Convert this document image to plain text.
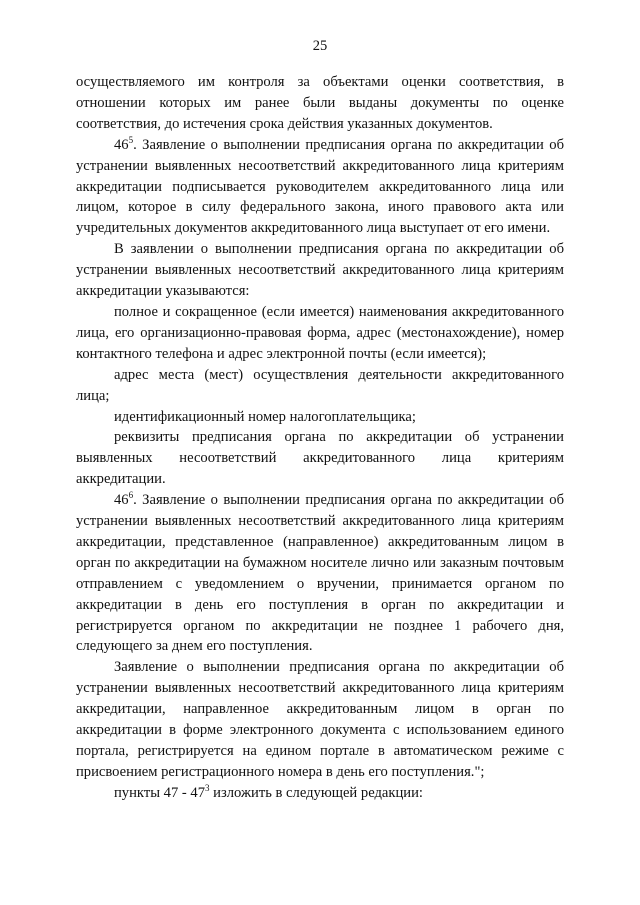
25

осуществляемого им контроля за объектами оценки соответствия, в отношении которых им ранее были выданы документы по оценке соответствия, до истечения срока действия указанных документов.

$46^5$. Заявление о выполнении предписания органа по аккредитации об устранении выявленных несоответствий аккредитованного лица критериям аккредитации подписывается руководителем аккредитованного лица или лицом, которое в силу федерального закона, иного правового акта или учредительных документов аккредитованного лица выступает от его имени.

В заявлении о выполнении предписания органа по аккредитации об устранении выявленных несоответствий аккредитованного лица критериям аккредитации указываются:

полное и сокращенное (если имеется) наименования аккредитованного лица, его организационно-правовая форма, адрес (местонахождение), номер контактного телефона и адрес электронной почты (если имеется);

адрес места (мест) осуществления деятельности аккредитованного лица;

идентификационный номер налогоплательщика;

реквизиты предписания органа по аккредитации об устранении выявленных несоответствий аккредитованного лица критериям аккредитации.

$46^6$. Заявление о выполнении предписания органа по аккредитации об устранении выявленных несоответствий аккредитованного лица критериям аккредитации, представленное (направленное) аккредитованным лицом в орган по аккредитации на бумажном носителе лично или заказным почтовым отправлением с уведомлением о вручении, принимается органом по аккредитации в день его поступления в орган по аккредитации и регистрируется органом по аккредитации не позднее 1 рабочего дня, следующего за днем его поступления.

Заявление о выполнении предписания органа по аккредитации об устранении выявленных несоответствий аккредитованного лица критериям аккредитации, направленное аккредитованным лицом в орган по аккредитации в форме электронного документа с использованием единого портала, регистрируется на едином портале в автоматическом режиме с присвоением регистрационного номера в день его поступления.";

пункты $47 - 47^3$ изложить в следующей редакции:
